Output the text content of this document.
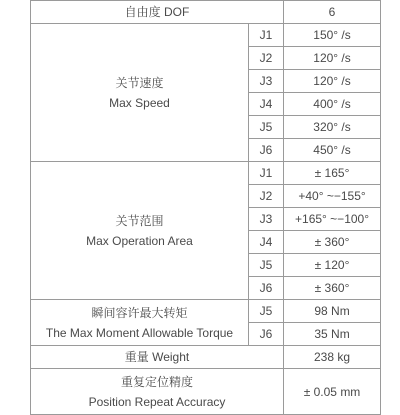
自由度 DOF		6

关节速度
Max Speed	J1	150° /s
	J2	120° /s
	J3	120° /s
	J4	400° /s
	J5	320° /s
	J6	450° /s

关节范围
Max Operation Area	J1	± 165°
	J2	+40° ~−155°
	J3	+165° ~−100°
	J4	± 360°
	J5	± 120°
	J6	± 360°

瞬间容许最大转矩
The Max Moment Allowable Torque	J5	98 Nm
	J6	35 Nm
重量 Weight		238 kg

重复定位精度
Position Repeat Accuracy		± 0.05 mm
